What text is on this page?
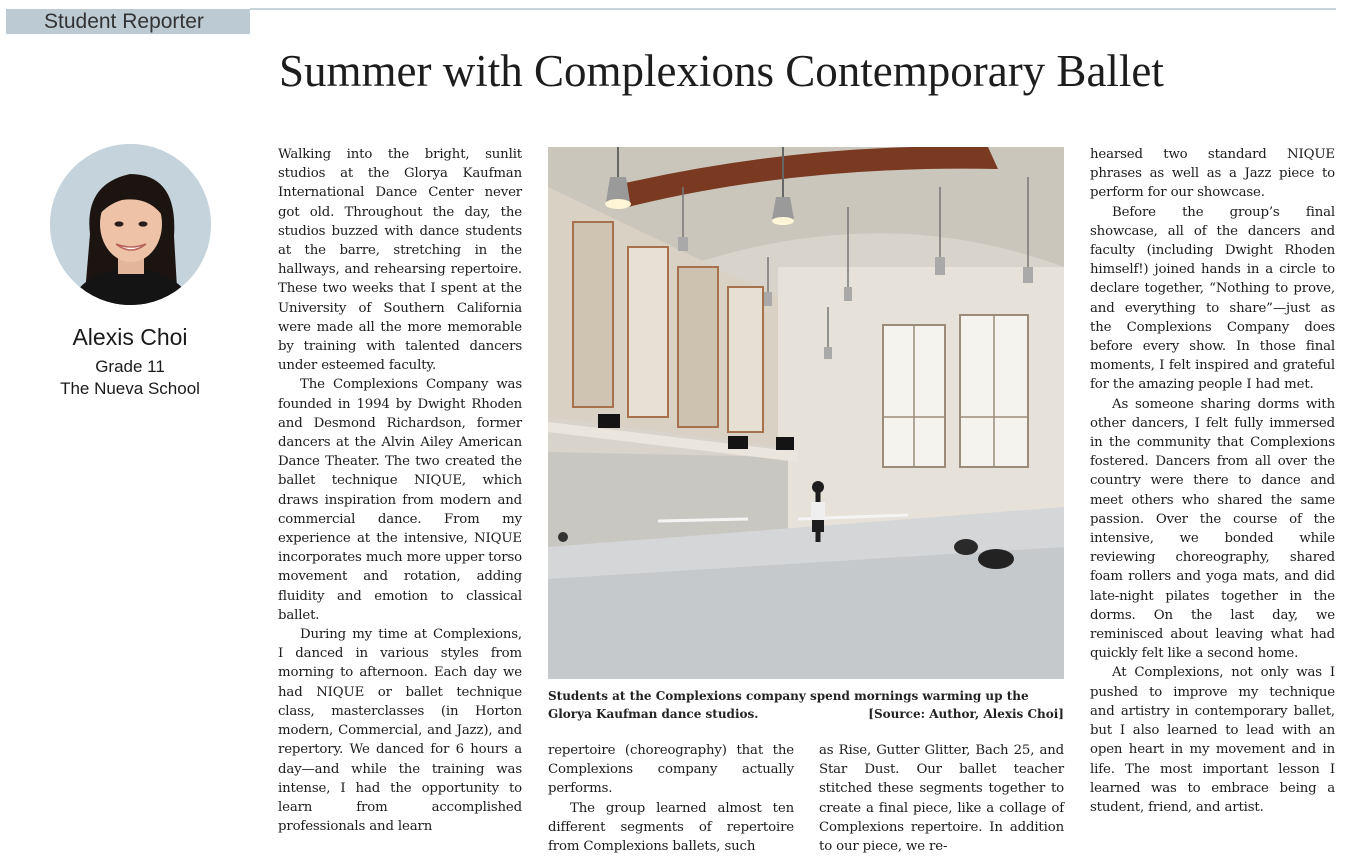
Student Reporter
Summer with Complexions Contemporary Ballet
Alexis Choi
Grade 11
The Nueva School

Walking into the bright, sunlit studios at the Glorya Kaufman International Dance Center never got old. Throughout the day, the studios buzzed with dance students at the barre, stretching in the hallways, and rehearsing repertoire. These two weeks that I spent at the University of Southern California were made all the more memorable by training with talented dancers under esteemed faculty.

The Complexions Company was founded in 1994 by Dwight Rhoden and Desmond Richardson, former dancers at the Alvin Ailey American Dance Theater. The two created the ballet technique NIQUE, which draws inspiration from modern and commercial dance. From my experience at the intensive, NIQUE incorporates much more upper torso movement and rotation, adding fluidity and emotion to classical ballet.

During my time at Complexions, I danced in various styles from morning to afternoon. Each day we had NIQUE or ballet technique class, masterclasses (in Horton modern, Commercial, and Jazz), and repertory. We danced for 6 hours a day—and while the training was intense, I had the opportunity to learn from accomplished professionals and learn

Students at the Complexions company spend mornings warming up the Glorya Kaufman dance studios.	[Source: Author, Alexis Choi]

repertoire (choreography) that the Complexions company actually performs.

The group learned almost ten different segments of repertoire from Complexions ballets, such

as Rise, Gutter Glitter, Bach 25, and Star Dust. Our ballet teacher stitched these segments together to create a final piece, like a collage of Complexions repertoire. In addition to our piece, we re-

hearsed two standard NIQUE phrases as well as a Jazz piece to perform for our showcase.

Before the group’s final showcase, all of the dancers and faculty (including Dwight Rhoden himself!) joined hands in a circle to declare together, “Nothing to prove, and everything to share”—just as the Complexions Company does before every show. In those final moments, I felt inspired and grateful for the amazing people I had met.

As someone sharing dorms with other dancers, I felt fully immersed in the community that Complexions fostered. Dancers from all over the country were there to dance and meet others who shared the same passion. Over the course of the intensive, we bonded while reviewing choreography, shared foam rollers and yoga mats, and did late-night pilates together in the dorms. On the last day, we reminisced about leaving what had quickly felt like a second home.

At Complexions, not only was I pushed to improve my technique and artistry in contemporary ballet, but I also learned to lead with an open heart in my movement and in life. The most important lesson I learned was to embrace being a student, friend, and artist.
